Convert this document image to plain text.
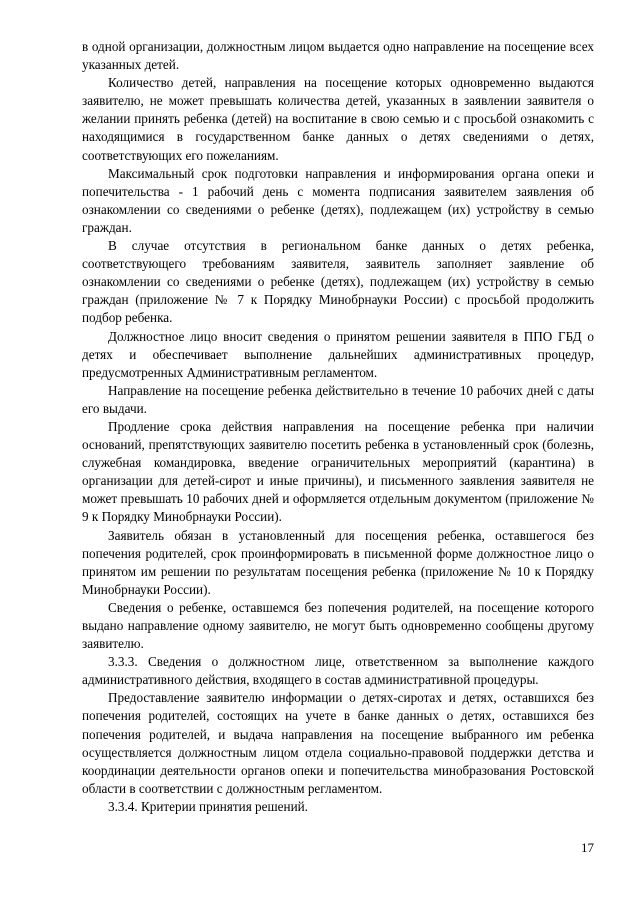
в одной организации, должностным лицом выдается одно направление на посещение всех указанных детей.

Количество детей, направления на посещение которых одновременно выдаются заявителю, не может превышать количества детей, указанных в заявлении заявителя о желании принять ребенка (детей) на воспитание в свою семью и с просьбой ознакомить с находящимися в государственном банке данных о детях сведениями о детях, соответствующих его пожеланиям.

Максимальный срок подготовки направления и информирования органа опеки и попечительства - 1 рабочий день с момента подписания заявителем заявления об ознакомлении со сведениями о ребенке (детях), подлежащем (их) устройству в семью граждан.

В случае отсутствия в региональном банке данных о детях ребенка, соответствующего требованиям заявителя, заявитель заполняет заявление об ознакомлении со сведениями о ребенке (детях), подлежащем (их) устройству в семью граждан (приложение № 7 к Порядку Минобрнауки России) с просьбой продолжить подбор ребенка.

Должностное лицо вносит сведения о принятом решении заявителя в ППО ГБД о детях и обеспечивает выполнение дальнейших административных процедур, предусмотренных Административным регламентом.

Направление на посещение ребенка действительно в течение 10 рабочих дней с даты его выдачи.

Продление срока действия направления на посещение ребенка при наличии оснований, препятствующих заявителю посетить ребенка в установленный срок (болезнь, служебная командировка, введение ограничительных мероприятий (карантина) в организации для детей-сирот и иные причины), и письменного заявления заявителя не может превышать 10 рабочих дней и оформляется отдельным документом (приложение № 9 к Порядку Минобрнауки России).

Заявитель обязан в установленный для посещения ребенка, оставшегося без попечения родителей, срок проинформировать в письменной форме должностное лицо о принятом им решении по результатам посещения ребенка (приложение № 10 к Порядку Минобрнауки России).

Сведения о ребенке, оставшемся без попечения родителей, на посещение которого выдано направление одному заявителю, не могут быть одновременно сообщены другому заявителю.

3.3.3. Сведения о должностном лице, ответственном за выполнение каждого административного действия, входящего в состав административной процедуры.

Предоставление заявителю информации о детях-сиротах и детях, оставшихся без попечения родителей, состоящих на учете в банке данных о детях, оставшихся без попечения родителей, и выдача направления на посещение выбранного им ребенка осуществляется должностным лицом отдела социально-правовой поддержки детства и координации деятельности органов опеки и попечительства минобразования Ростовской области в соответствии с должностным регламентом.

3.3.4. Критерии принятия решений.

17
